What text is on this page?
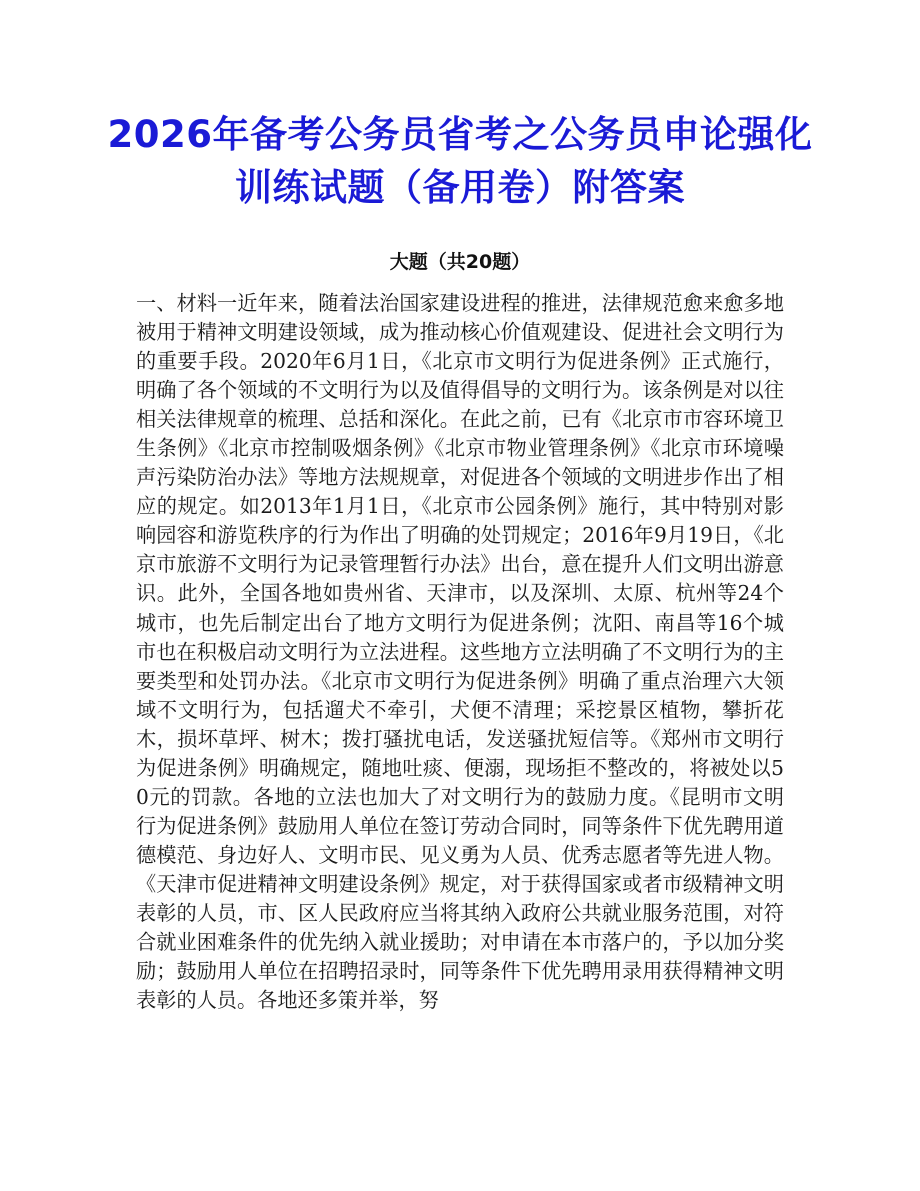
2026年备考公务员省考之公务员申论强化训练试题（备用卷）附答案
大题（共20题）

一、材料一近年来，随着法治国家建设进程的推进，法律规范愈来愈多地被用于精神文明建设领域，成为推动核心价值观建设、促进社会文明行为的重要手段。2020年6月1日，《北京市文明行为促进条例》正式施行，明确了各个领域的不文明行为以及值得倡导的文明行为。该条例是对以往相关法律规章的梳理、总括和深化。在此之前，已有《北京市市容环境卫生条例》《北京市控制吸烟条例》《北京市物业管理条例》《北京市环境噪声污染防治办法》等地方法规规章，对促进各个领域的文明进步作出了相应的规定。如2013年1月1日，《北京市公园条例》施行，其中特别对影响园容和游览秩序的行为作出了明确的处罚规定；2016年9月19日，《北京市旅游不文明行为记录管理暂行办法》出台，意在提升人们文明出游意识。此外，全国各地如贵州省、天津市，以及深圳、太原、杭州等24个城市，也先后制定出台了地方文明行为促进条例；沈阳、南昌等16个城市也在积极启动文明行为立法进程。这些地方立法明确了不文明行为的主要类型和处罚办法。《北京市文明行为促进条例》明确了重点治理六大领域不文明行为，包括遛犬不牵引，犬便不清理；采挖景区植物，攀折花木，损坏草坪、树木；拨打骚扰电话，发送骚扰短信等。《郑州市文明行为促进条例》明确规定，随地吐痰、便溺，现场拒不整改的，将被处以50元的罚款。各地的立法也加大了对文明行为的鼓励力度。《昆明市文明行为促进条例》鼓励用人单位在签订劳动合同时，同等条件下优先聘用道德模范、身边好人、文明市民、见义勇为人员、优秀志愿者等先进人物。《天津市促进精神文明建设条例》规定，对于获得国家或者市级精神文明表彰的人员，市、区人民政府应当将其纳入政府公共就业服务范围，对符合就业困难条件的优先纳入就业援助；对申请在本市落户的，予以加分奖励；鼓励用人单位在招聘招录时，同等条件下优先聘用录用获得精神文明表彰的人员。各地还多策并举，努
